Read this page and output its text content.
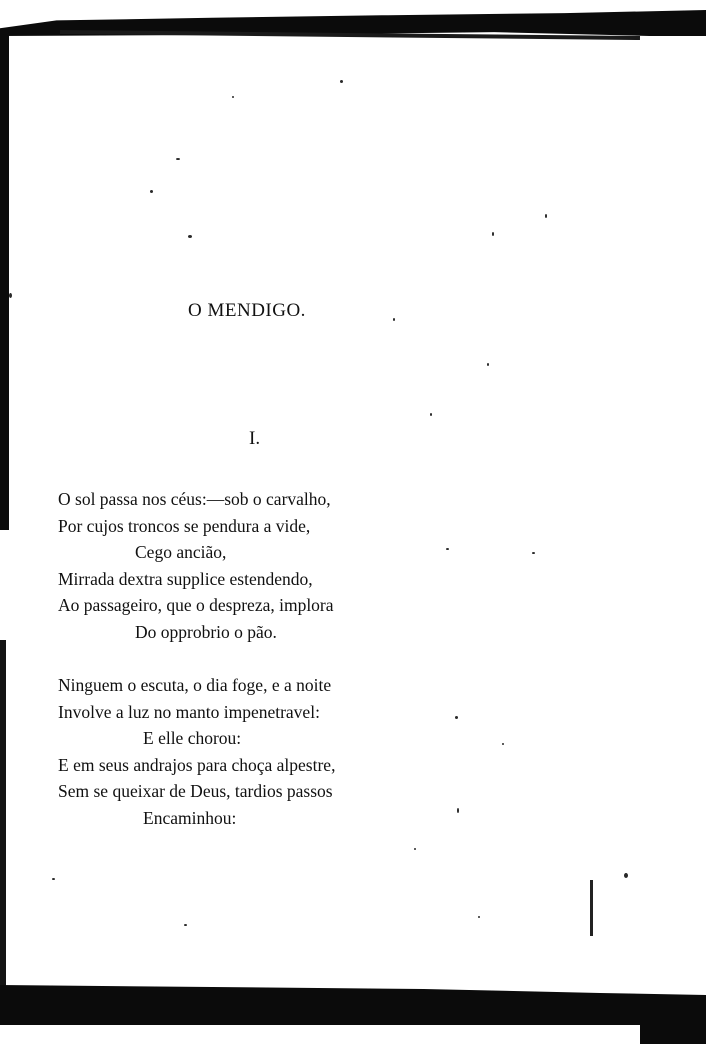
O MENDIGO.
I.

O sol passa nos céus:—sob o carvalho,
Por cujos troncos se pendura a vide,
Cego ancião,
Mirrada dextra supplice estendendo,
Ao passageiro, que o despreza, implora
Do opprobrio o pão.

Ninguem o escuta, o dia foge, e a noite
Involve a luz no manto impenetravel:
E elle chorou:
E em seus andrajos para choça alpestre,
Sem se queixar de Deus, tardios passos
Encaminhou:
